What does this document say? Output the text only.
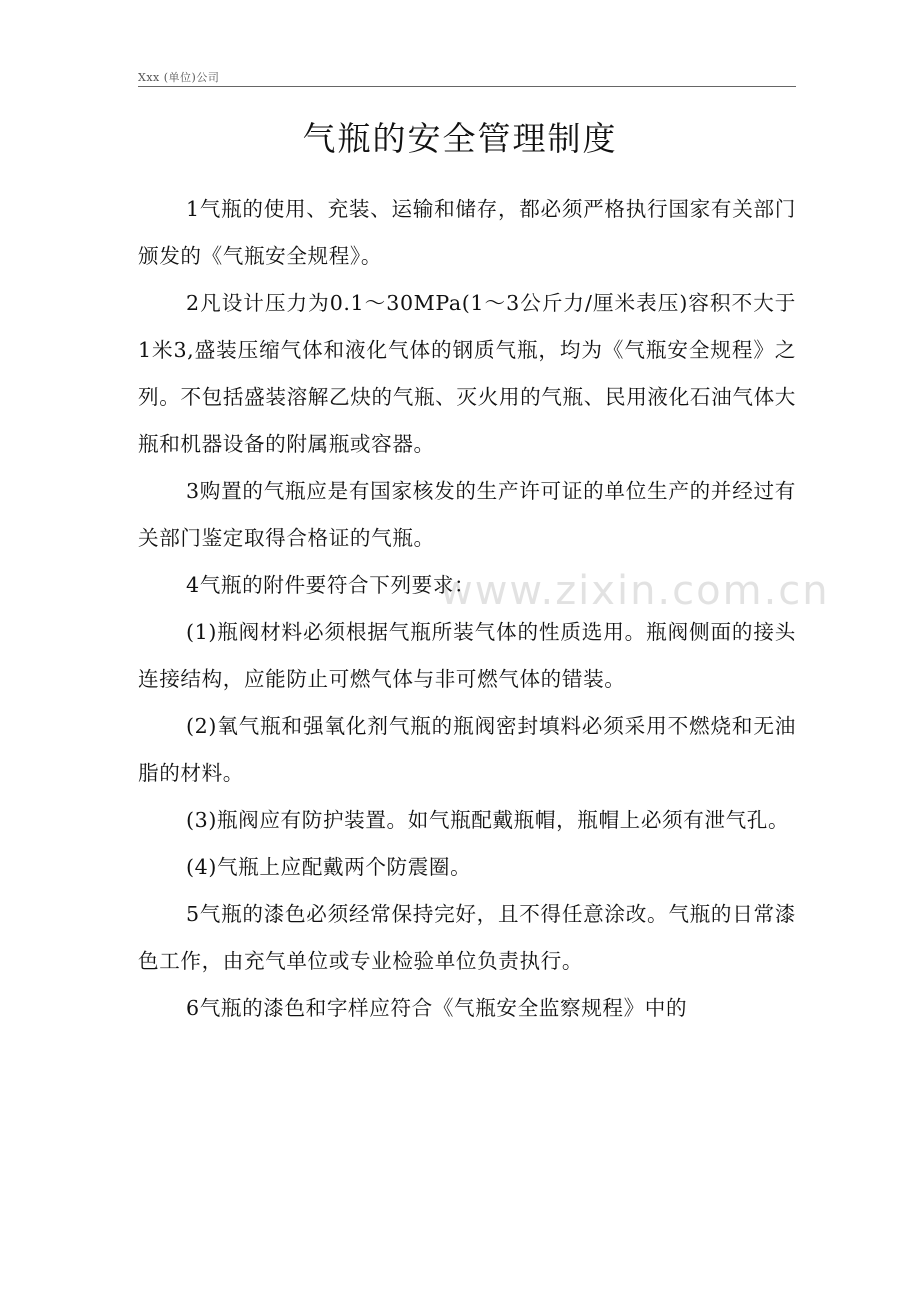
Xxx (单位)公司
气瓶的安全管理制度
www.zixin.com.cn

1气瓶的使用、充装、运输和储存，都必须严格执行国家有关部门颁发的《气瓶安全规程》。

2凡设计压力为0.1～30MPa(1～3公斤力/厘米表压)容积不大于1米3,盛装压缩气体和液化气体的钢质气瓶，均为《气瓶安全规程》之列。不包括盛装溶解乙炔的气瓶、灭火用的气瓶、民用液化石油气体大瓶和机器设备的附属瓶或容器。

3购置的气瓶应是有国家核发的生产许可证的单位生产的并经过有关部门鉴定取得合格证的气瓶。

4气瓶的附件要符合下列要求：

(1)瓶阀材料必须根据气瓶所装气体的性质选用。瓶阀侧面的接头连接结构，应能防止可燃气体与非可燃气体的错装。

(2)氧气瓶和强氧化剂气瓶的瓶阀密封填料必须采用不燃烧和无油脂的材料。

(3)瓶阀应有防护装置。如气瓶配戴瓶帽，瓶帽上必须有泄气孔。

(4)气瓶上应配戴两个防震圈。

5气瓶的漆色必须经常保持完好，且不得任意涂改。气瓶的日常漆色工作，由充气单位或专业检验单位负责执行。

6气瓶的漆色和字样应符合《气瓶安全监察规程》中的
